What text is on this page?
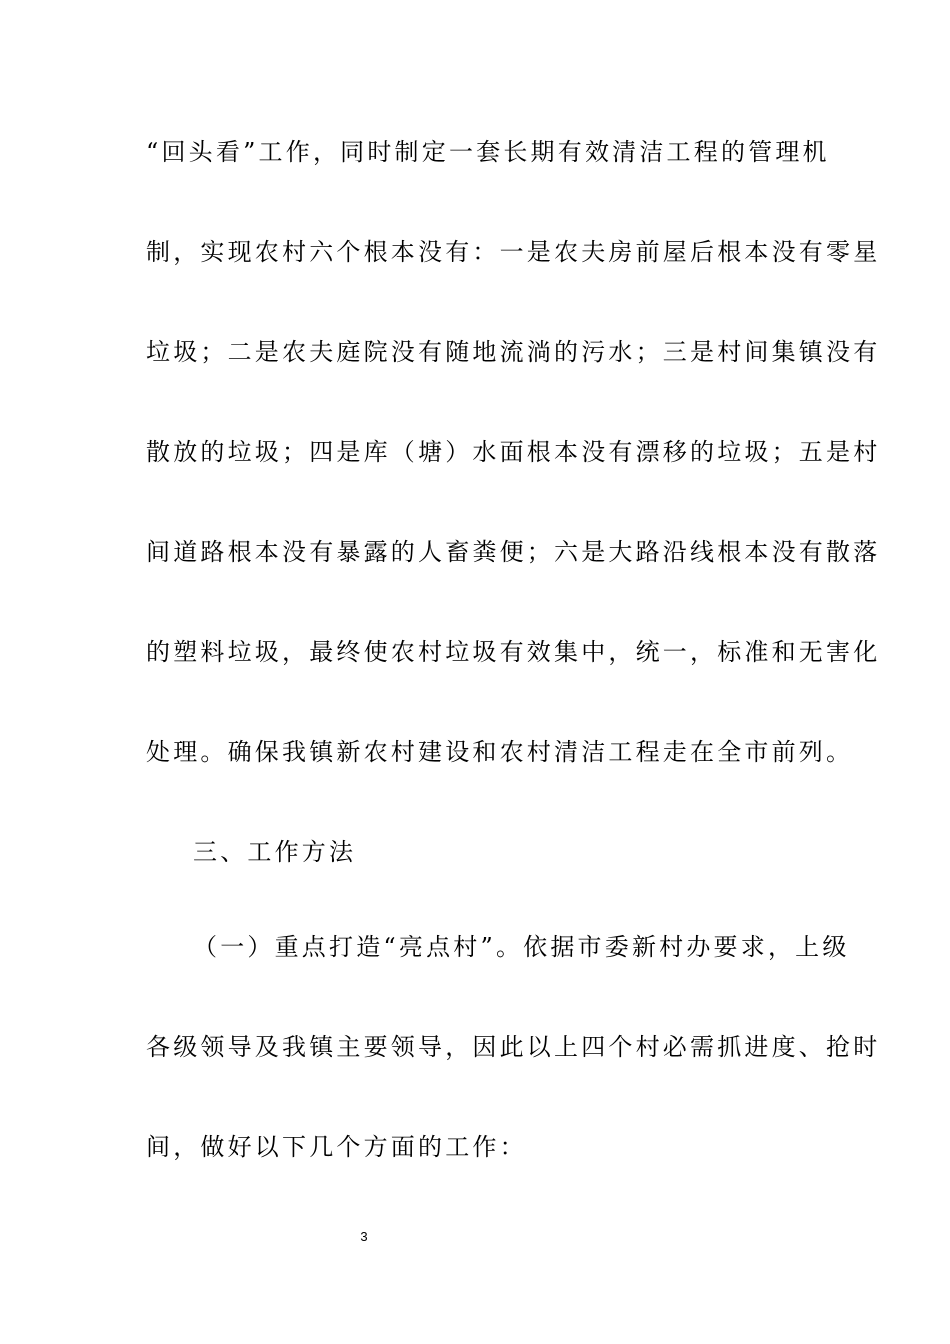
“回头看”工作，同时制定一套长期有效清洁工程的管理机
制，实现农村六个根本没有：一是农夫房前屋后根本没有零星
垃圾；二是农夫庭院没有随地流淌的污水；三是村间集镇没有
散放的垃圾；四是库（塘）水面根本没有漂移的垃圾；五是村
间道路根本没有暴露的人畜粪便；六是大路沿线根本没有散落
的塑料垃圾，最终使农村垃圾有效集中，统一，标准和无害化
处理。确保我镇新农村建设和农村清洁工程走在全市前列。
三、工作方法
（一）重点打造“亮点村”。依据市委新村办要求，上级
各级领导及我镇主要领导，因此以上四个村必需抓进度、抢时
间，做好以下几个方面的工作：
3
